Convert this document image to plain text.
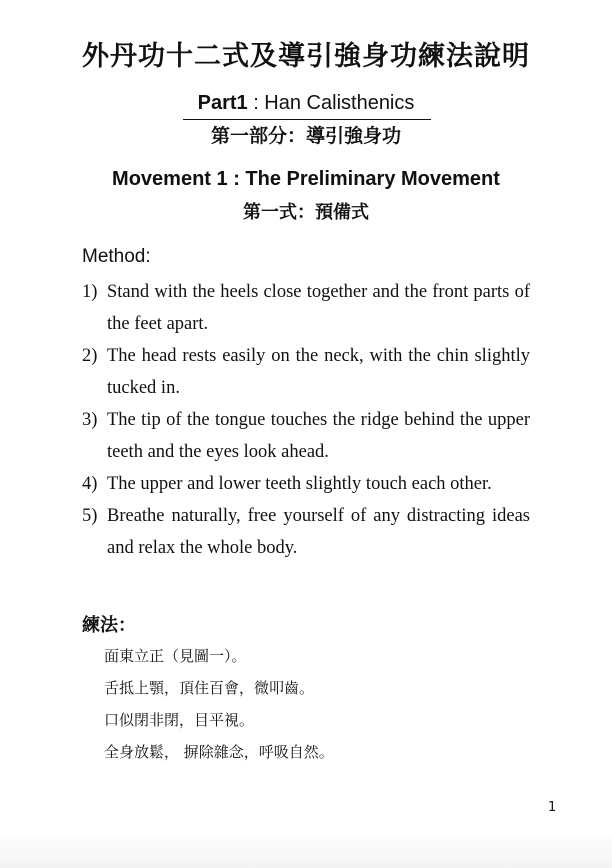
外丹功十二式及導引強身功練法說明
Part1 : Han Calisthenics
第一部分：導引強身功
Movement 1 : The Preliminary Movement
第一式：預備式
Method:
1) Stand with the heels close together and the front parts of the feet apart.
2) The head rests easily on the neck, with the chin slightly tucked in.
3) The tip of the tongue touches the ridge behind the upper teeth and the eyes look ahead.
4) The upper and lower teeth slightly touch each other.
5) Breathe naturally, free yourself of any distracting ideas and relax the whole body.
練法：
面東立正（見圖一）。
舌抵上顎，頂住百會，微叩齒。
口似閉非閉，目平視。
全身放鬆， 摒除雜念，呼吸自然。
1
